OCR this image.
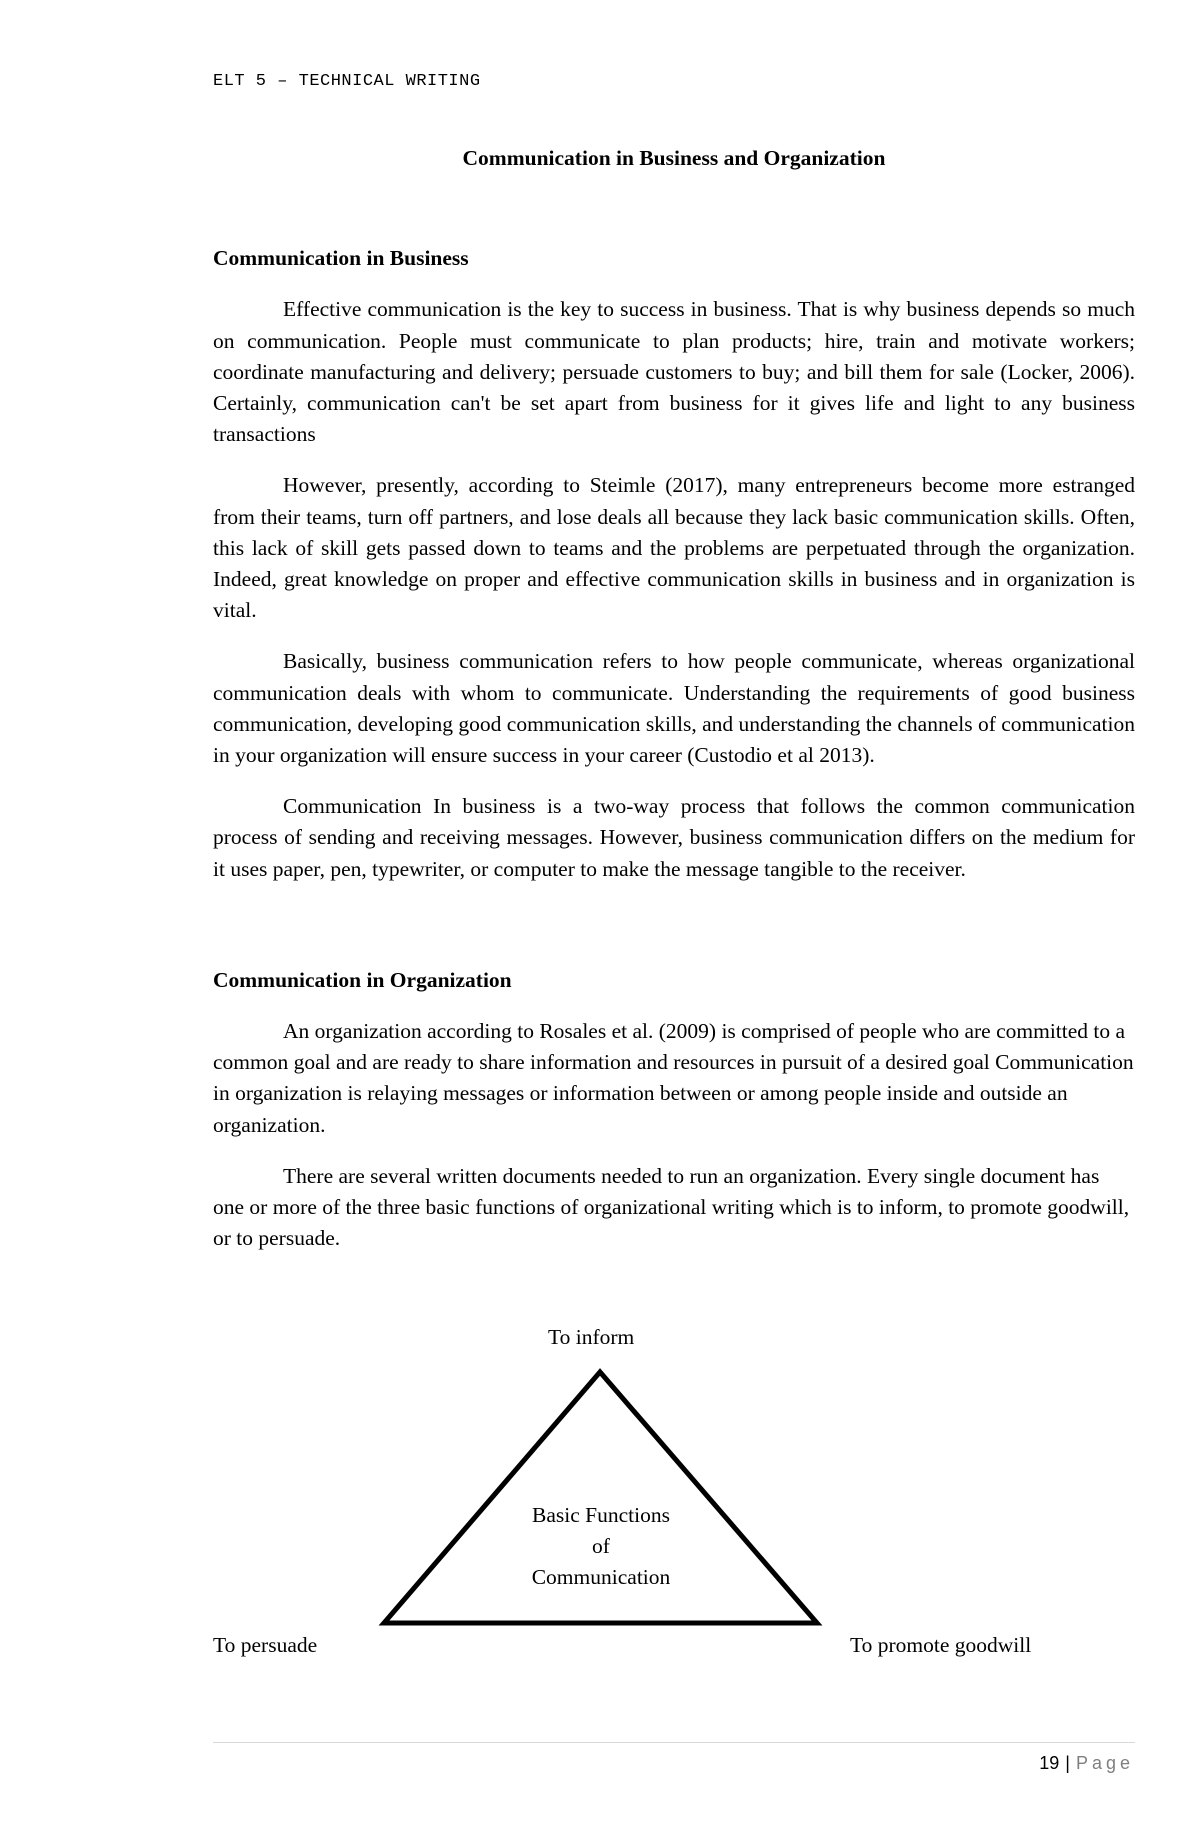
ELT 5 – TECHNICAL WRITING

Communication in Business and Organization

Communication in Business

Effective communication is the key to success in business. That is why business depends so much on communication. People must communicate to plan products; hire, train and motivate workers; coordinate manufacturing and delivery; persuade customers to buy; and bill them for sale (Locker, 2006). Certainly, communication can't be set apart from business for it gives life and light to any business transactions

However, presently, according to Steimle (2017), many entrepreneurs become more estranged from their teams, turn off partners, and lose deals all because they lack basic communication skills. Often, this lack of skill gets passed down to teams and the problems are perpetuated through the organization. Indeed, great knowledge on proper and effective communication skills in business and in organization is vital.

Basically, business communication refers to how people communicate, whereas organizational communication deals with whom to communicate. Understanding the requirements of good business communication, developing good communication skills, and understanding the channels of communication in your organization will ensure success in your career (Custodio et al 2013).

Communication In business is a two-way process that follows the common communication process of sending and receiving messages. However, business communication differs on the medium for it uses paper, pen, typewriter, or computer to make the message tangible to the receiver.

Communication in Organization

An organization according to Rosales et al. (2009) is comprised of people who are committed to a common goal and are ready to share information and resources in pursuit of a desired goal Communication in organization is relaying messages or information between or among people inside and outside an organization.

There are several written documents needed to run an organization. Every single document has one or more of the three basic functions of organizational writing which is to inform, to promote goodwill, or to persuade.

To inform
Basic Functions
of
Communication
To persuade	To promote goodwill
19 | Page
